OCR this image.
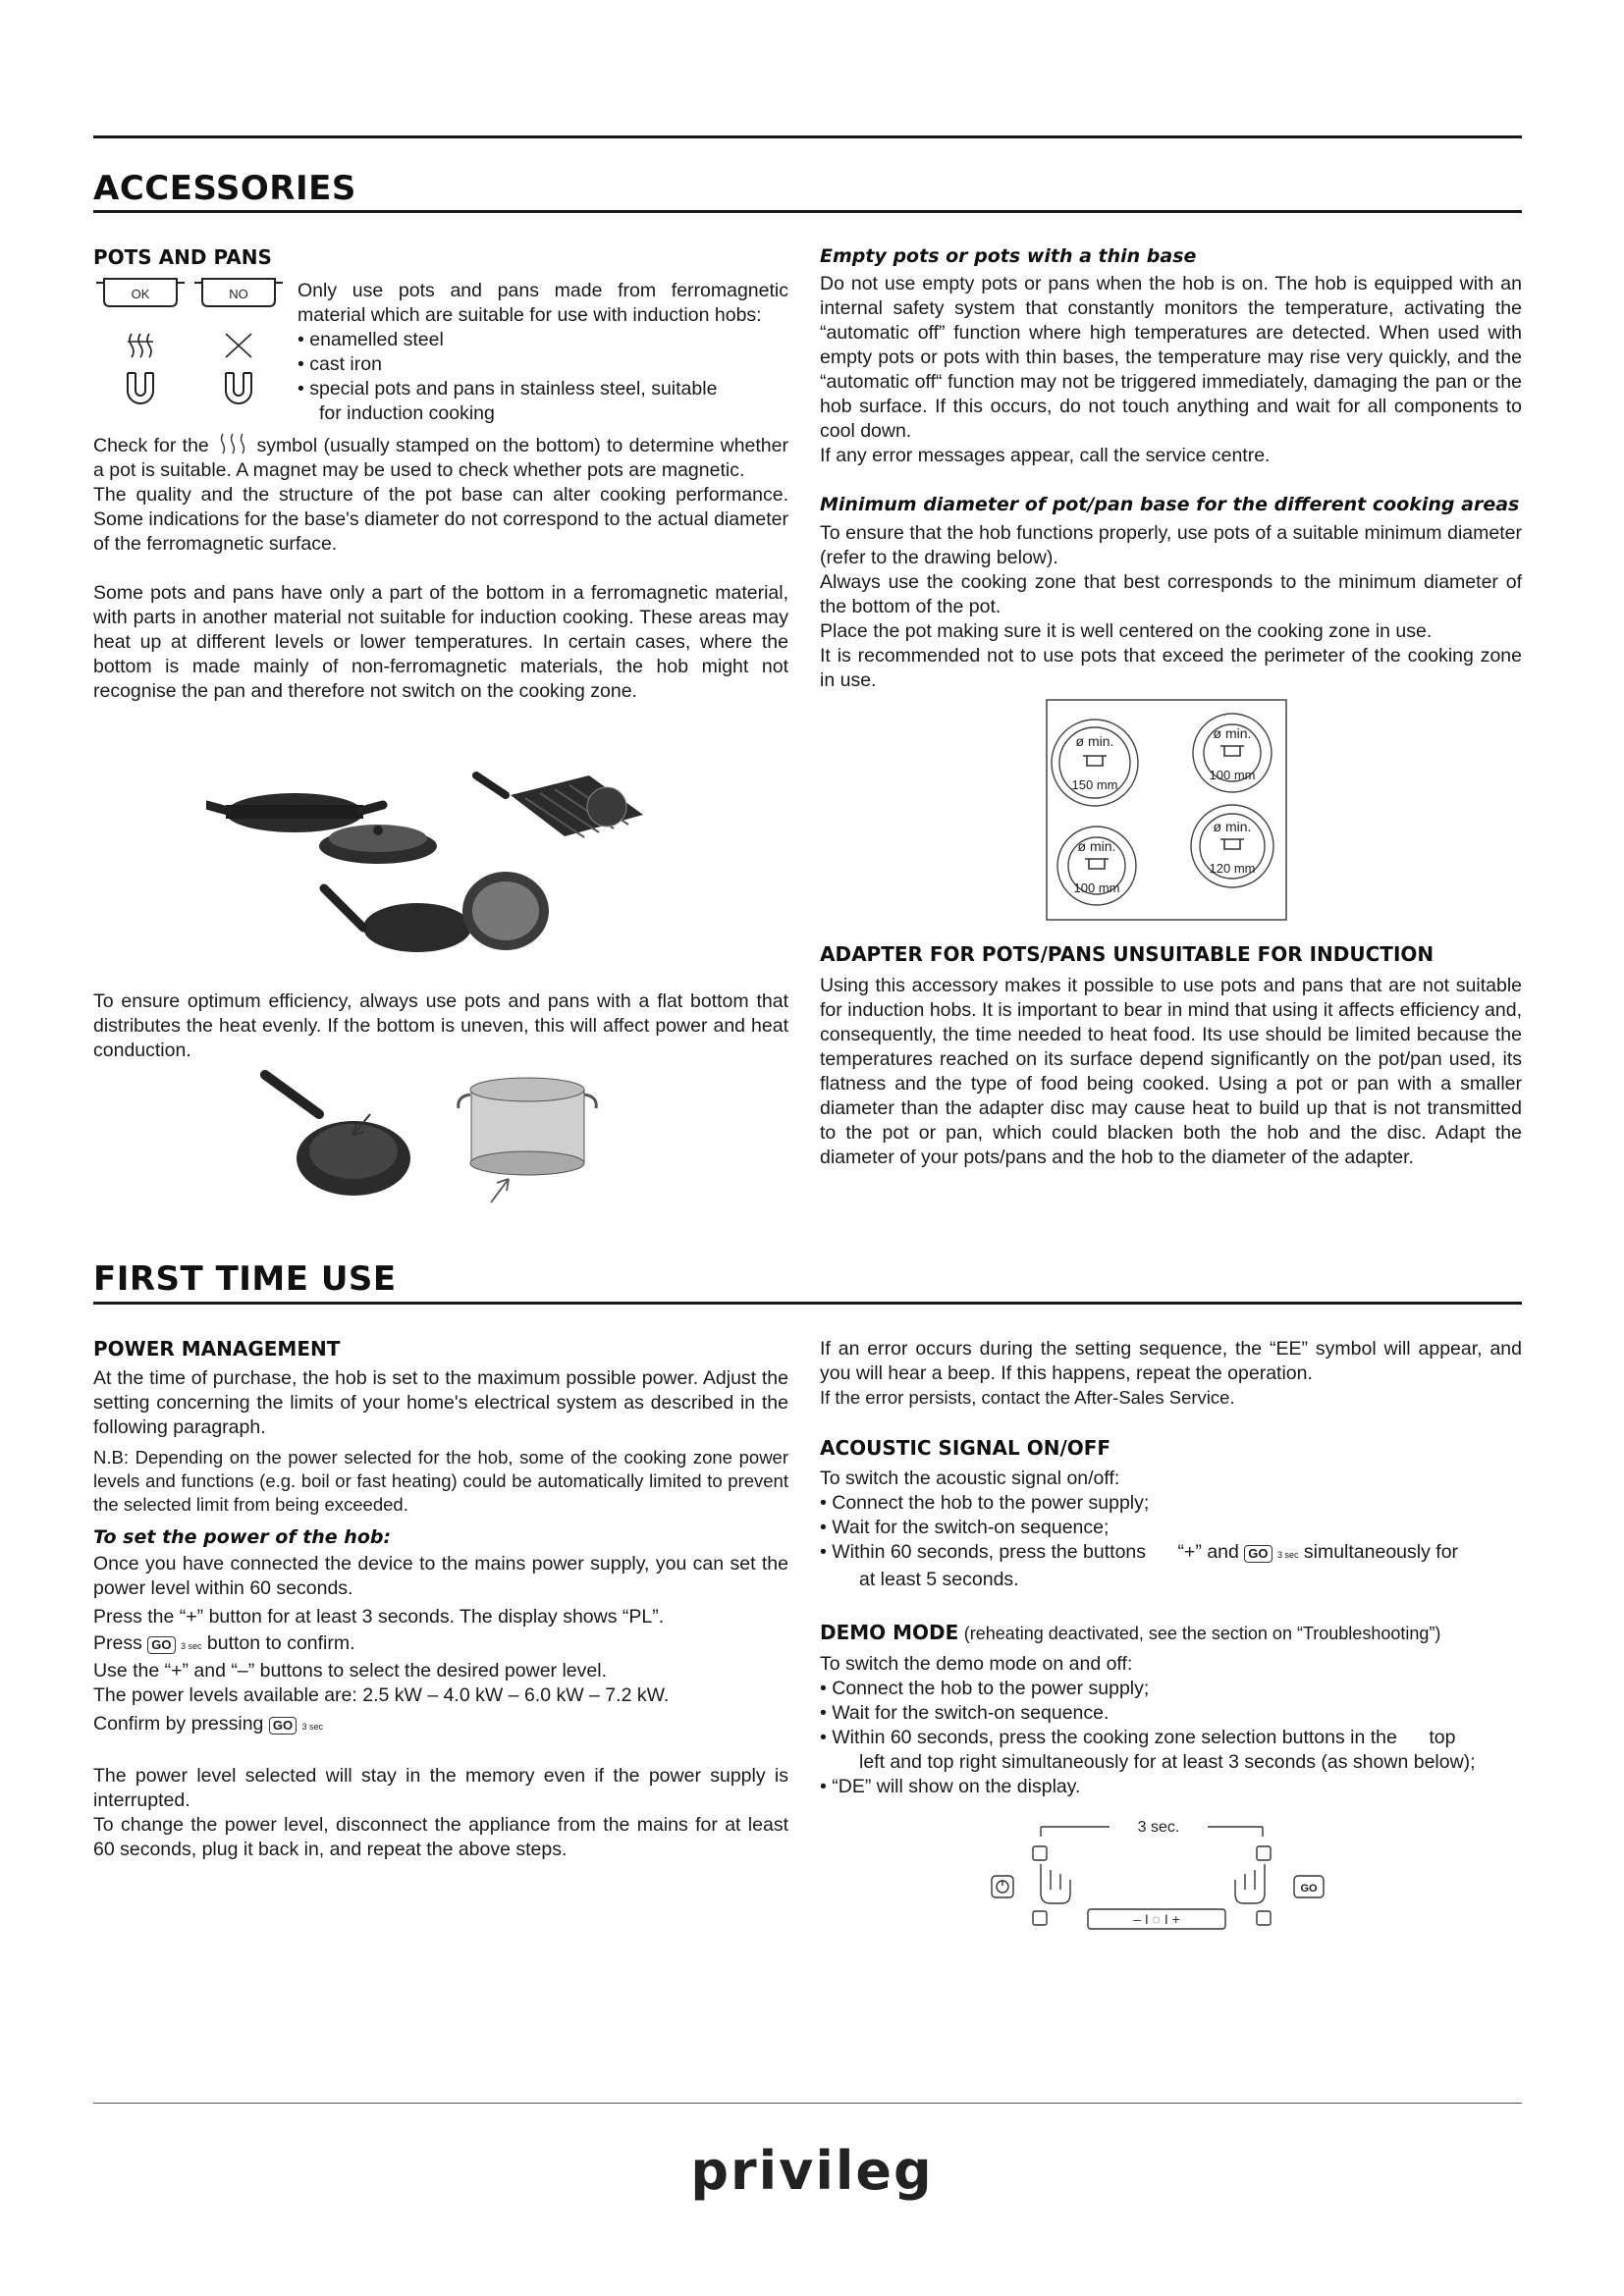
ACCESSORIES
POTS AND PANS
OK	NO	Only use pots and pans made from ferromagnetic material which are suitable for use with induction hobs:

• enamelled steel

• cast iron

• special pots and pans in stainless steel, suitable

for induction cooking

Check for the symbol (usually stamped on the bottom) to determine whether a pot is suitable. A magnet may be used to check whether pots are magnetic.

The quality and the structure of the pot base can alter cooking performance. Some indications for the base's diameter do not correspond to the actual diameter of the ferromagnetic surface.

Some pots and pans have only a part of the bottom in a ferromagnetic material, with parts in another material not suitable for induction cooking. These areas may heat up at different levels or lower temperatures. In certain cases, where the bottom is made mainly of non-ferromagnetic materials, the hob might not recognise the pan and therefore not switch on the cooking zone.

To ensure optimum efficiency, always use pots and pans with a flat bottom that distributes the heat evenly. If the bottom is uneven, this will affect power and heat conduction.

Empty pots or pots with a thin base

Do not use empty pots or pans when the hob is on. The hob is equipped with an internal safety system that constantly monitors the temperature, activating the “automatic off” function where high temperatures are detected. When used with empty pots or pots with thin bases, the temperature may rise very quickly, and the “automatic off“ function may not be triggered immediately, damaging the pan or the hob surface. If this occurs, do not touch anything and wait for all components to cool down.

If any error messages appear, call the service centre.

Minimum diameter of pot/pan base for the different cooking areas

To ensure that the hob functions properly, use pots of a suitable minimum diameter (refer to the drawing below).

Always use the cooking zone that best corresponds to the minimum diameter of the bottom of the pot.

Place the pot making sure it is well centered on the cooking zone in use.

It is recommended not to use pots that exceed the perimeter of the cooking zone in use.

ø min.
150 mm
ø min.
100 mm
ø min.
100 mm
ø min.
120 mm
ADAPTER FOR POTS/PANS UNSUITABLE FOR INDUCTION

Using this accessory makes it possible to use pots and pans that are not suitable for induction hobs. It is important to bear in mind that using it affects efficiency and, consequently, the time needed to heat food. Its use should be limited because the temperatures reached on its surface depend significantly on the pot/pan used, its flatness and the type of food being cooked. Using a pot or pan with a smaller diameter than the adapter disc may cause heat to build up that is not transmitted to the pot or pan, which could blacken both the hob and the disc. Adapt the diameter of your pots/pans and the hob to the diameter of the adapter.

FIRST TIME USE
POWER MANAGEMENT

At the time of purchase, the hob is set to the maximum possible power. Adjust the setting concerning the limits of your home's electrical system as described in the following paragraph.

N.B: Depending on the power selected for the hob, some of the cooking zone power levels and functions (e.g. boil or fast heating) could be automatically limited to prevent the selected limit from being exceeded.

To set the power of the hob:

Once you have connected the device to the mains power supply, you can set the power level within 60 seconds.

Press the “+” button for at least 3 seconds. The display shows “PL”.

Press GO 3 sec button to confirm.

Use the “+” and “–” buttons to select the desired power level.

The power levels available are: 2.5 kW – 4.0 kW – 6.0 kW – 7.2 kW.

Confirm by pressing GO 3 sec

The power level selected will stay in the memory even if the power supply is interrupted.

To change the power level, disconnect the appliance from the mains for at least 60 seconds, plug it back in, and repeat the above steps.

If an error occurs during the setting sequence, the “EE” symbol will appear, and you will hear a beep. If this happens, repeat the operation.

If the error persists, contact the After-Sales Service.

ACOUSTIC SIGNAL ON/OFF

To switch the acoustic signal on/off:

• Connect the hob to the power supply;

• Wait for the switch-on sequence;

• Within 60 seconds, press the buttons “+” and GO 3 sec simultaneously for

at least 5 seconds.

DEMO MODE (reheating deactivated, see the section on “Troubleshooting”)

To switch the demo mode on and off:

• Connect the hob to the power supply;

• Wait for the switch-on sequence.

• Within 60 seconds, press the cooking zone selection buttons in the      top

left and top right simultaneously for at least 3 seconds (as shown below);

• “DE” will show on the display.

3 sec.
GO
– I ◌ I +
privileg
